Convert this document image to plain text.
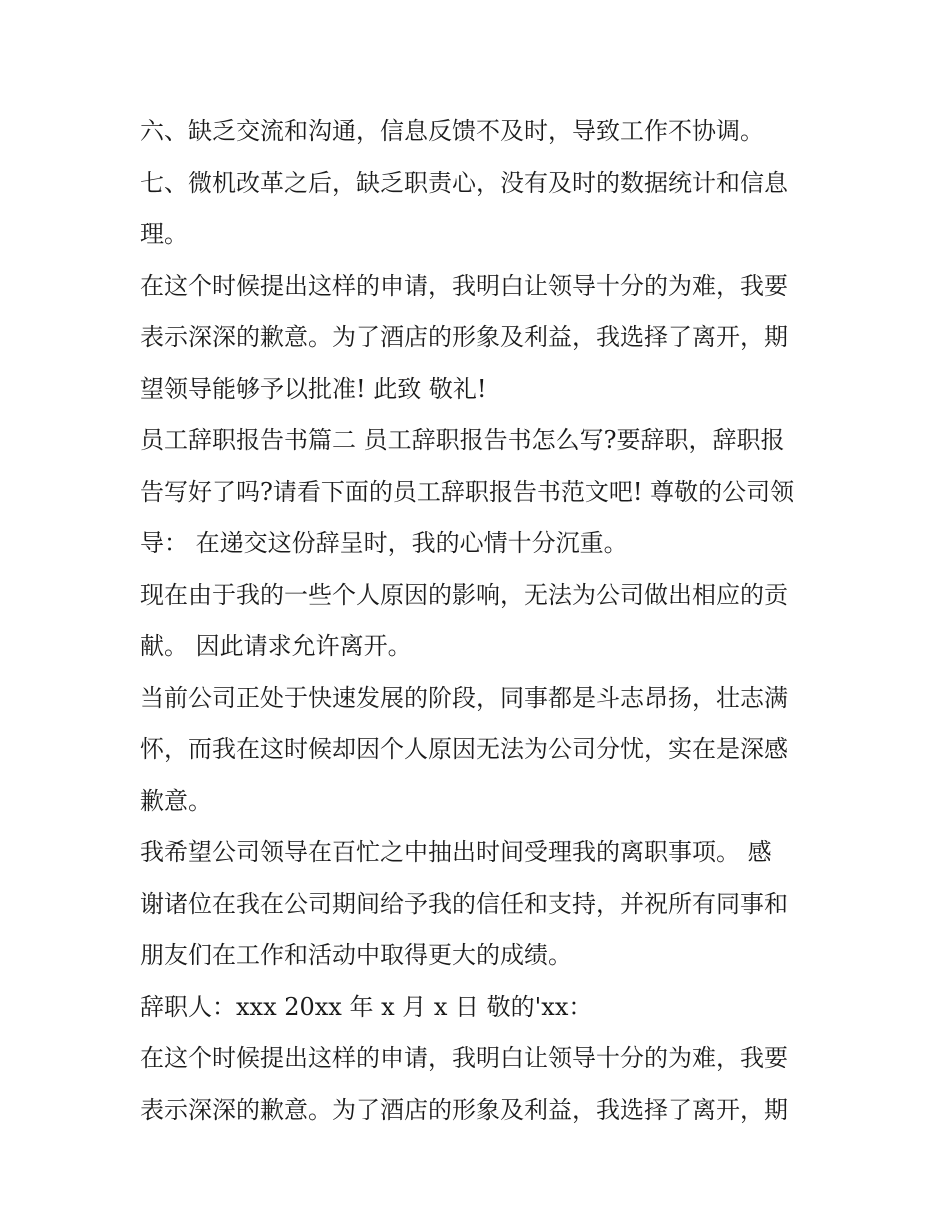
六、缺乏交流和沟通，信息反馈不及时，导致工作不协调。

七、微机改革之后，缺乏职责心，没有及时的数据统计和信息

理。

在这个时候提出这样的申请，我明白让领导十分的为难，我要

表示深深的歉意。为了酒店的形象及利益，我选择了离开，期

望领导能够予以批准! 此致 敬礼!

员工辞职报告书篇二 员工辞职报告书怎么写?要辞职，辞职报

告写好了吗?请看下面的员工辞职报告书范文吧! 尊敬的公司领

导： 在递交这份辞呈时，我的心情十分沉重。

现在由于我的一些个人原因的影响，无法为公司做出相应的贡

献。 因此请求允许离开。

当前公司正处于快速发展的阶段，同事都是斗志昂扬，壮志满

怀，而我在这时候却因个人原因无法为公司分忧，实在是深感

歉意。

我希望公司领导在百忙之中抽出时间受理我的离职事项。 感

谢诸位在我在公司期间给予我的信任和支持，并祝所有同事和

朋友们在工作和活动中取得更大的成绩。

辞职人：xxx 20xx 年 x 月 x 日 敬的'xx：

在这个时候提出这样的申请，我明白让领导十分的为难，我要

表示深深的歉意。为了酒店的形象及利益，我选择了离开，期
